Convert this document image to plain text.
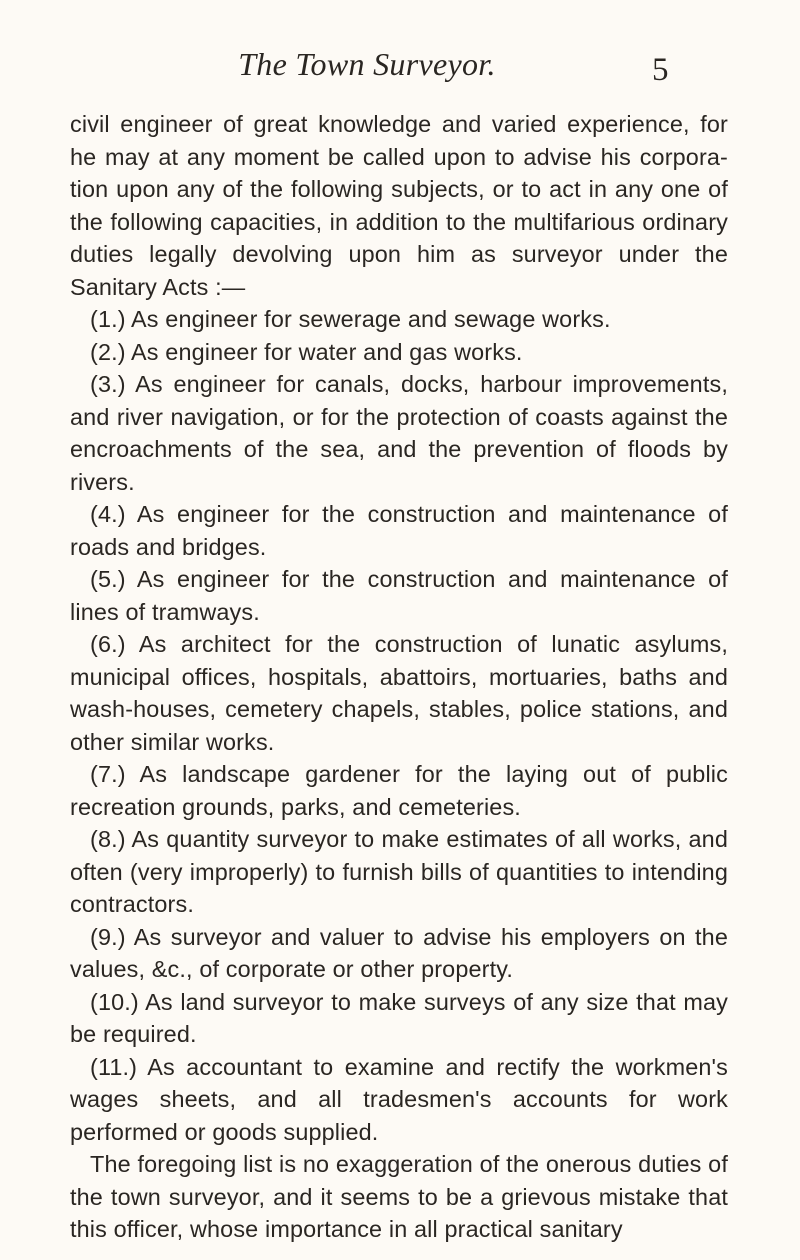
The Town Surveyor.	5

civil engineer of great knowledge and varied experience, for he may at any moment be called upon to advise his corpora-tion upon any of the following subjects, or to act in any one of the following capacities, in addition to the multifarious ordinary duties legally devolving upon him as surveyor under the Sanitary Acts :—

(1.) As engineer for sewerage and sewage works.

(2.) As engineer for water and gas works.

(3.) As engineer for canals, docks, harbour improvements, and river navigation, or for the protection of coasts against the encroachments of the sea, and the prevention of floods by rivers.

(4.) As engineer for the construction and maintenance of roads and bridges.

(5.) As engineer for the construction and maintenance of lines of tramways.

(6.) As architect for the construction of lunatic asylums, municipal offices, hospitals, abattoirs, mortuaries, baths and wash-houses, cemetery chapels, stables, police stations, and other similar works.

(7.) As landscape gardener for the laying out of public recreation grounds, parks, and cemeteries.

(8.) As quantity surveyor to make estimates of all works, and often (very improperly) to furnish bills of quantities to intending contractors.

(9.) As surveyor and valuer to advise his employers on the values, &c., of corporate or other property.

(10.) As land surveyor to make surveys of any size that may be required.

(11.) As accountant to examine and rectify the workmen's wages sheets, and all tradesmen's accounts for work performed or goods supplied.

The foregoing list is no exaggeration of the onerous duties of the town surveyor, and it seems to be a grievous mistake that this officer, whose importance in all practical sanitary
